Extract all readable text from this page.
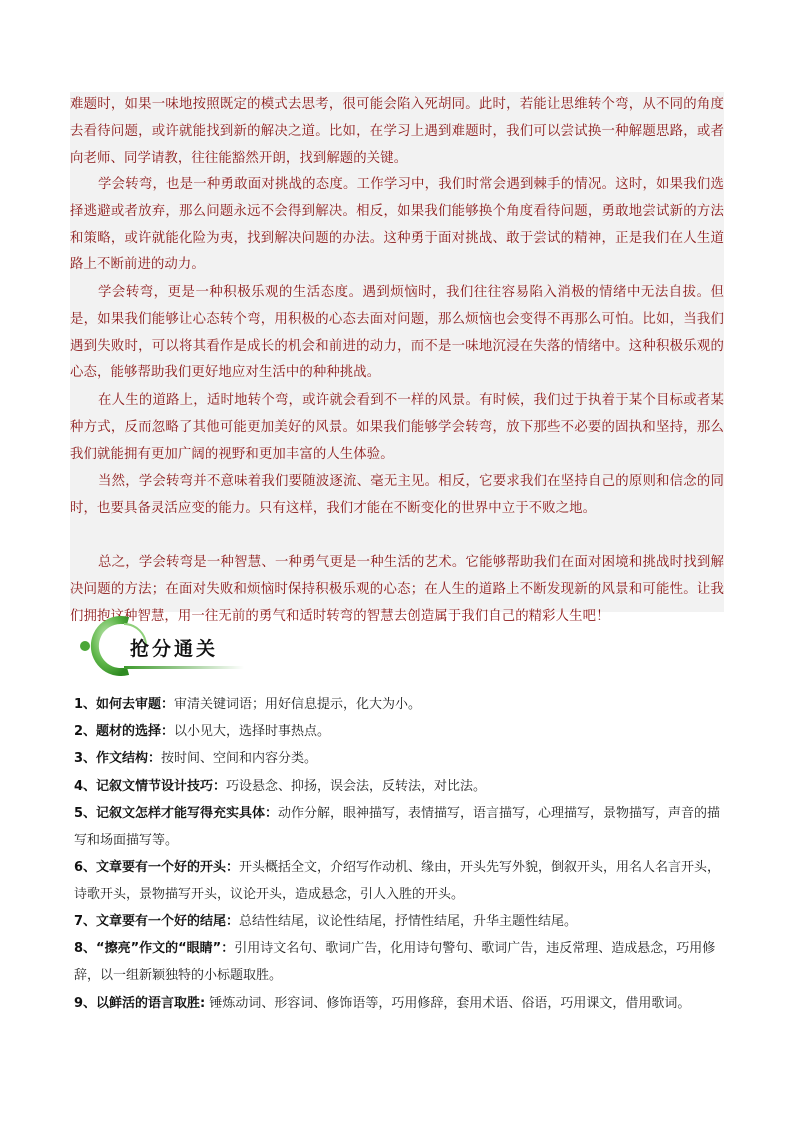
难题时，如果一味地按照既定的模式去思考，很可能会陷入死胡同。此时，若能让思维转个弯，从不同的角度去看待问题，或许就能找到新的解决之道。比如，在学习上遇到难题时，我们可以尝试换一种解题思路，或者向老师、同学请教，往往能豁然开朗，找到解题的关键。

学会转弯，也是一种勇敢面对挑战的态度。工作学习中，我们时常会遇到棘手的情况。这时，如果我们选择逃避或者放弃，那么问题永远不会得到解决。相反，如果我们能够换个角度看待问题，勇敢地尝试新的方法和策略，或许就能化险为夷，找到解决问题的办法。这种勇于面对挑战、敢于尝试的精神，正是我们在人生道路上不断前进的动力。

学会转弯，更是一种积极乐观的生活态度。遇到烦恼时，我们往往容易陷入消极的情绪中无法自拔。但是，如果我们能够让心态转个弯，用积极的心态去面对问题，那么烦恼也会变得不再那么可怕。比如，当我们遇到失败时，可以将其看作是成长的机会和前进的动力，而不是一味地沉浸在失落的情绪中。这种积极乐观的心态，能够帮助我们更好地应对生活中的种种挑战。

在人生的道路上，适时地转个弯，或许就会看到不一样的风景。有时候，我们过于执着于某个目标或者某种方式，反而忽略了其他可能更加美好的风景。如果我们能够学会转弯，放下那些不必要的固执和坚持，那么我们就能拥有更加广阔的视野和更加丰富的人生体验。

当然，学会转弯并不意味着我们要随波逐流、毫无主见。相反，它要求我们在坚持自己的原则和信念的同时，也要具备灵活应变的能力。只有这样，我们才能在不断变化的世界中立于不败之地。

总之，学会转弯是一种智慧、一种勇气更是一种生活的艺术。它能够帮助我们在面对困境和挑战时找到解决问题的方法；在面对失败和烦恼时保持积极乐观的心态；在人生的道路上不断发现新的风景和可能性。让我们拥抱这种智慧，用一往无前的勇气和适时转弯的智慧去创造属于我们自己的精彩人生吧！

抢分通关

1、如何去审题：审清关键词语；用好信息提示，化大为小。

2、题材的选择：以小见大，选择时事热点。

3、作文结构：按时间、空间和内容分类。

4、记叙文情节设计技巧：巧设悬念、抑扬，误会法，反转法，对比法。

5、记叙文怎样才能写得充实具体：动作分解，眼神描写，表情描写，语言描写，心理描写，景物描写，声音的描写和场面描写等。

6、文章要有一个好的开头：开头概括全文，介绍写作动机、缘由，开头先写外貌，倒叙开头，用名人名言开头，诗歌开头，景物描写开头，议论开头，造成悬念，引人入胜的开头。

7、文章要有一个好的结尾：总结性结尾，议论性结尾，抒情性结尾，升华主题性结尾。

8、“擦亮”作文的“眼睛”：引用诗文名句、歌词广告，化用诗句警句、歌词广告，违反常理、造成悬念，巧用修辞，以一组新颖独特的小标题取胜。

9、以鲜活的语言取胜: 锤炼动词、形容词、修饰语等，巧用修辞，套用术语、俗语，巧用课文，借用歌词。
